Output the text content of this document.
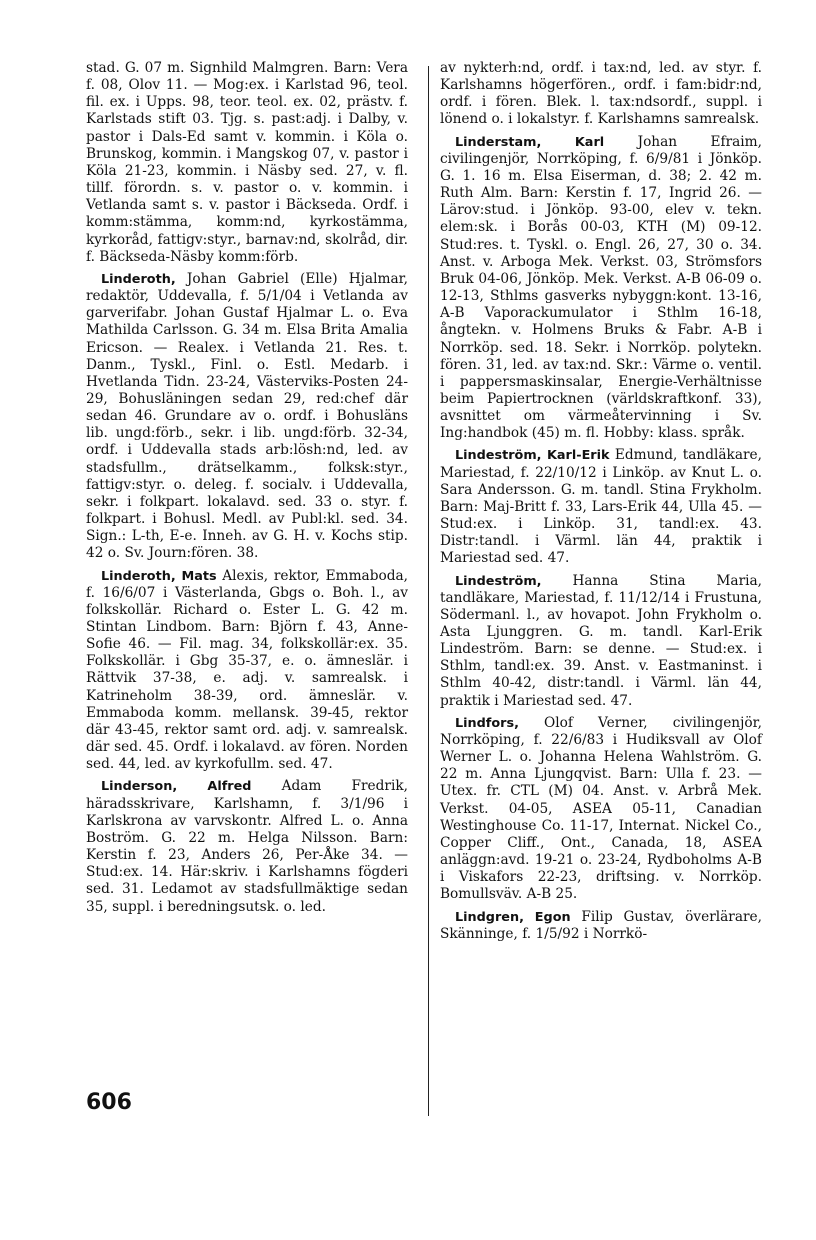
stad. G. 07 m. Signhild Malmgren. Barn: Vera f. 08, Olov 11. — Mog:ex. i Karlstad 96, teol. fil. ex. i Upps. 98, teor. teol. ex. 02, prästv. f. Karlstads stift 03. Tjg. s. past:adj. i Dalby, v. pastor i Dals-Ed samt v. kommin. i Köla o. Brunskog, kommin. i Mangskog 07, v. pastor i Köla 21-23, kommin. i Näsby sed. 27, v. fl. tillf. förordn. s. v. pastor o. v. kommin. i Vetlanda samt s. v. pastor i Bäckseda. Ordf. i komm:stämma, komm:nd, kyrkostämma, kyrkoråd, fattigv:styr., barnav:nd, skolråd, dir. f. Bäckseda-Näsby komm:förb.

Linderoth, Johan Gabriel (Elle) Hjalmar, redaktör, Uddevalla, f. 5/1/04 i Vetlanda av garverifabr. Johan Gustaf Hjalmar L. o. Eva Mathilda Carlsson. G. 34 m. Elsa Brita Amalia Ericson. — Realex. i Vetlanda 21. Res. t. Danm., Tyskl., Finl. o. Estl. Medarb. i Hvetlanda Tidn. 23-24, Västerviks-Posten 24-29, Bohusläningen sedan 29, red:chef där sedan 46. Grundare av o. ordf. i Bohusläns lib. ungd:förb., sekr. i lib. ungd:förb. 32-34, ordf. i Uddevalla stads arb:lösh:nd, led. av stadsfullm., drätselkamm., folksk:styr., fattigv:styr. o. deleg. f. socialv. i Uddevalla, sekr. i folkpart. lokalavd. sed. 33 o. styr. f. folkpart. i Bohusl. Medl. av Publ:kl. sed. 34. Sign.: L-th, E-e. Inneh. av G. H. v. Kochs stip. 42 o. Sv. Journ:fören. 38.

Linderoth, Mats Alexis, rektor, Emmaboda, f. 16/6/07 i Västerlanda, Gbgs o. Boh. l., av folkskollär. Richard o. Ester L. G. 42 m. Stintan Lindbom. Barn: Björn f. 43, Anne-Sofie 46. — Fil. mag. 34, folkskollär:ex. 35. Folkskollär. i Gbg 35-37, e. o. ämneslär. i Rättvik 37-38, e. adj. v. samrealsk. i Katrineholm 38-39, ord. ämneslär. v. Emmaboda komm. mellansk. 39-45, rektor där 43-45, rektor samt ord. adj. v. samrealsk. där sed. 45. Ordf. i lokalavd. av fören. Norden sed. 44, led. av kyrkofullm. sed. 47.

Linderson, Alfred Adam Fredrik, häradsskrivare, Karlshamn, f. 3/1/96 i Karlskrona av varvskontr. Alfred L. o. Anna Boström. G. 22 m. Helga Nilsson. Barn: Kerstin f. 23, Anders 26, Per-Åke 34. — Stud:ex. 14. Här:skriv. i Karlshamns fögderi sed. 31. Ledamot av stadsfullmäktige sedan 35, suppl. i beredningsutsk. o. led.

av nykterh:nd, ordf. i tax:nd, led. av styr. f. Karlshamns högerfören., ordf. i fam:bidr:nd, ordf. i fören. Blek. l. tax:ndsordf., suppl. i lönend o. i lokalstyr. f. Karlshamns samrealsk.

Linderstam, Karl Johan Efraim, civilingenjör, Norrköping, f. 6/9/81 i Jönköp. G. 1. 16 m. Elsa Eiserman, d. 38; 2. 42 m. Ruth Alm. Barn: Kerstin f. 17, Ingrid 26. — Lärov:stud. i Jönköp. 93-00, elev v. tekn. elem:sk. i Borås 00-03, KTH (M) 09-12. Stud:res. t. Tyskl. o. Engl. 26, 27, 30 o. 34. Anst. v. Arboga Mek. Verkst. 03, Strömsfors Bruk 04-06, Jönköp. Mek. Verkst. A-B 06-09 o. 12-13, Sthlms gasverks nybyggn:kont. 13-16, A-B Vaporackumulator i Sthlm 16-18, ångtekn. v. Holmens Bruks & Fabr. A-B i Norrköp. sed. 18. Sekr. i Norrköp. polytekn. fören. 31, led. av tax:nd. Skr.: Värme o. ventil. i pappersmaskinsalar, Energie-Verhältnisse beim Papiertrocknen (världskraftkonf. 33), avsnittet om värmeåtervinning i Sv. Ing:handbok (45) m. fl. Hobby: klass. språk.

Lindeström, Karl-Erik Edmund, tandläkare, Mariestad, f. 22/10/12 i Linköp. av Knut L. o. Sara Andersson. G. m. tandl. Stina Frykholm. Barn: Maj-Britt f. 33, Lars-Erik 44, Ulla 45. — Stud:ex. i Linköp. 31, tandl:ex. 43. Distr:tandl. i Värml. län 44, praktik i Mariestad sed. 47.

Lindeström, Hanna Stina Maria, tandläkare, Mariestad, f. 11/12/14 i Frustuna, Södermanl. l., av hovapot. John Frykholm o. Asta Ljunggren. G. m. tandl. Karl-Erik Lindeström. Barn: se denne. — Stud:ex. i Sthlm, tandl:ex. 39. Anst. v. Eastmaninst. i Sthlm 40-42, distr:tandl. i Värml. län 44, praktik i Mariestad sed. 47.

Lindfors, Olof Verner, civilingenjör, Norrköping, f. 22/6/83 i Hudiksvall av Olof Werner L. o. Johanna Helena Wahlström. G. 22 m. Anna Ljungqvist. Barn: Ulla f. 23. — Utex. fr. CTL (M) 04. Anst. v. Arbrå Mek. Verkst. 04-05, ASEA 05-11, Canadian Westinghouse Co. 11-17, Internat. Nickel Co., Copper Cliff., Ont., Canada, 18, ASEA anläggn:avd. 19-21 o. 23-24, Rydboholms A-B i Viskafors 22-23, driftsing. v. Norrköp. Bomullsväv. A-B 25.

Lindgren, Egon Filip Gustav, överlärare, Skänninge, f. 1/5/92 i Norrkö-

606
